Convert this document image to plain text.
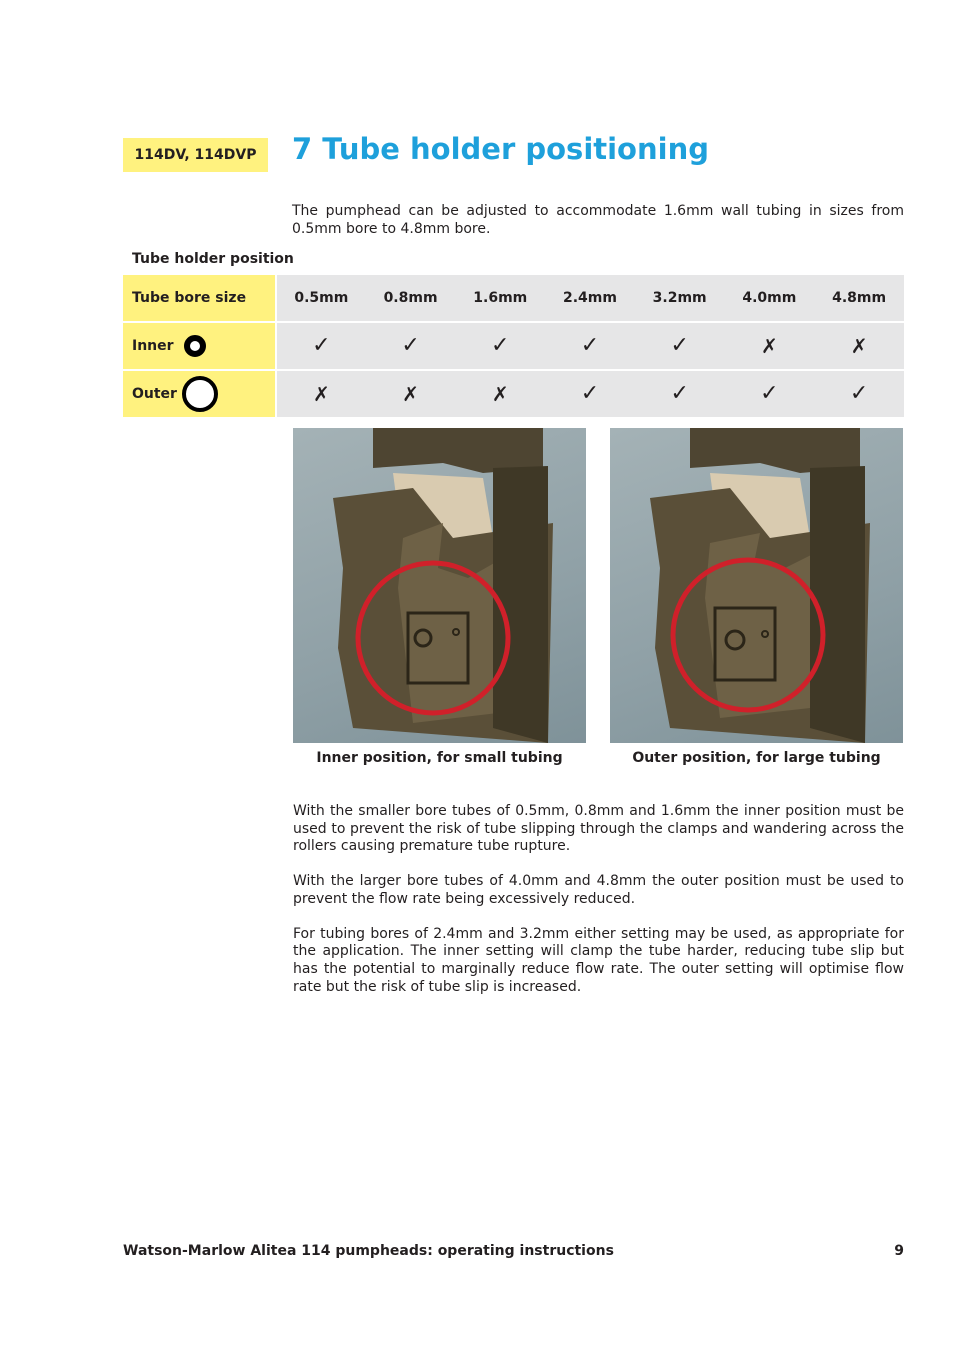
114DV, 114DVP	7 Tube holder positioning

The pumphead can be adjusted to accommodate 1.6mm wall tubing in sizes from 0.5mm bore to 4.8mm bore.

Tube holder position
Tube bore size	0.5mm	0.8mm	1.6mm	2.4mm	3.2mm	4.0mm	4.8mm

Inner	✓	✓	✓	✓	✓	✗	✗

Outer	✗	✗	✗	✓	✓	✓	✓
Inner position, for small tubing	Outer position, for large tubing

With the smaller bore tubes of 0.5mm, 0.8mm and 1.6mm the inner position must be used to prevent the risk of tube slipping through the clamps and wandering across the rollers causing premature tube rupture.

With the larger bore tubes of 4.0mm and 4.8mm the outer position must be used to prevent the flow rate being excessively reduced.

For tubing bores of 2.4mm and 3.2mm either setting may be used, as appropriate for the application. The inner setting will clamp the tube harder, reducing tube slip but has the potential to marginally reduce flow rate. The outer setting will optimise flow rate but the risk of tube slip is increased.

Watson-Marlow Alitea 114 pumpheads: operating instructions	9
